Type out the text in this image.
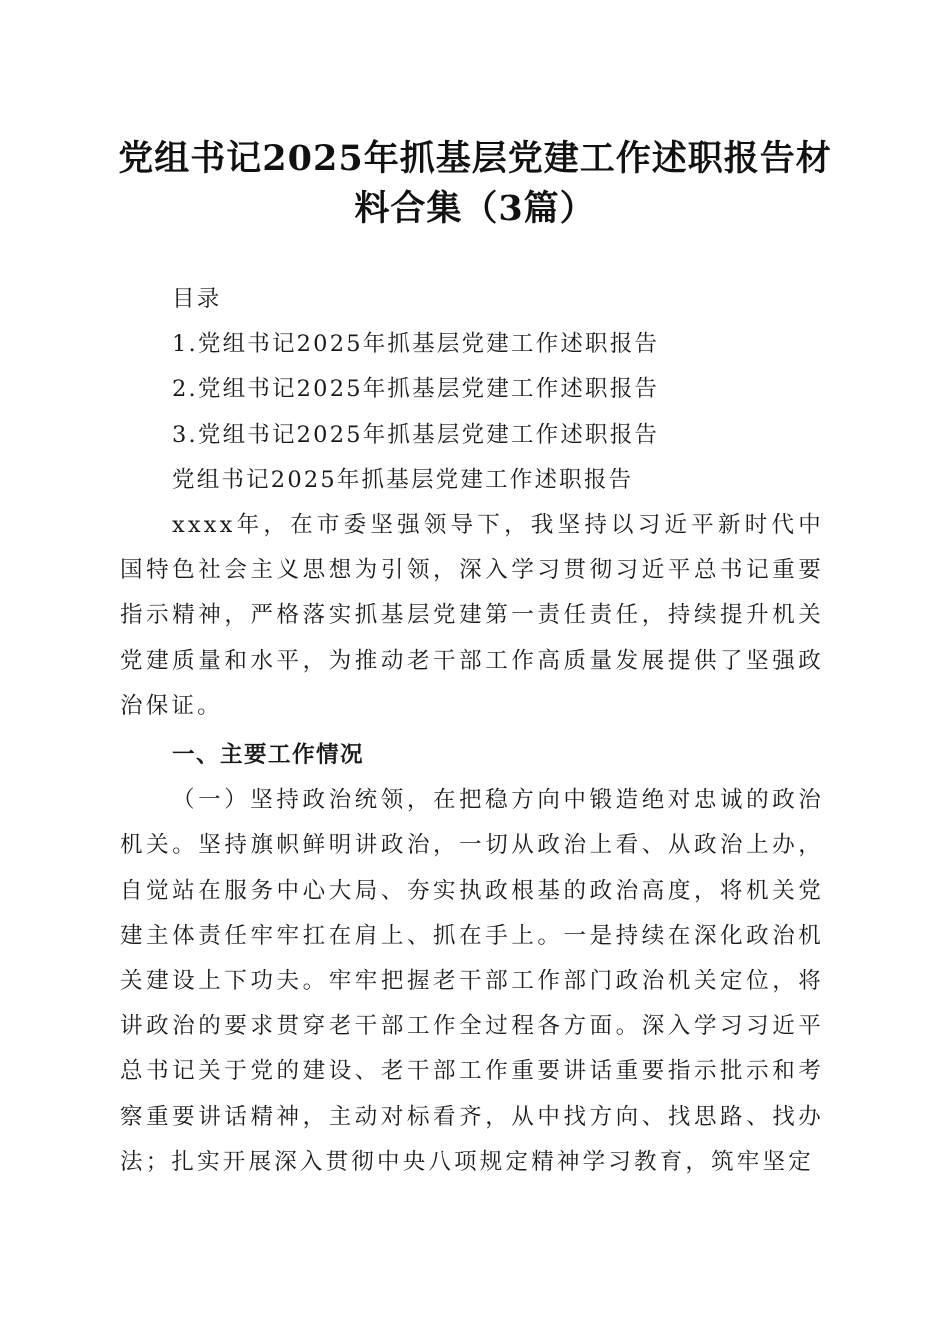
党组书记2025年抓基层党建工作述职报告材料合集（3篇）

目录

1.党组书记2025年抓基层党建工作述职报告

2.党组书记2025年抓基层党建工作述职报告

3.党组书记2025年抓基层党建工作述职报告

党组书记2025年抓基层党建工作述职报告

xxxx年，在市委坚强领导下，我坚持以习近平新时代中国特色社会主义思想为引领，深入学习贯彻习近平总书记重要指示精神，严格落实抓基层党建第一责任责任，持续提升机关党建质量和水平，为推动老干部工作高质量发展提供了坚强政治保证。

一、主要工作情况

（一）坚持政治统领，在把稳方向中锻造绝对忠诚的政治机关。坚持旗帜鲜明讲政治，一切从政治上看、从政治上办，自觉站在服务中心大局、夯实执政根基的政治高度，将机关党建主体责任牢牢扛在肩上、抓在手上。一是持续在深化政治机关建设上下功夫。牢牢把握老干部工作部门政治机关定位，将讲政治的要求贯穿老干部工作全过程各方面。深入学习习近平总书记关于党的建设、老干部工作重要讲话重要指示批示和考察重要讲话精神，主动对标看齐，从中找方向、找思路、找办法；扎实开展深入贯彻中央八项规定精神学习教育，筑牢坚定
